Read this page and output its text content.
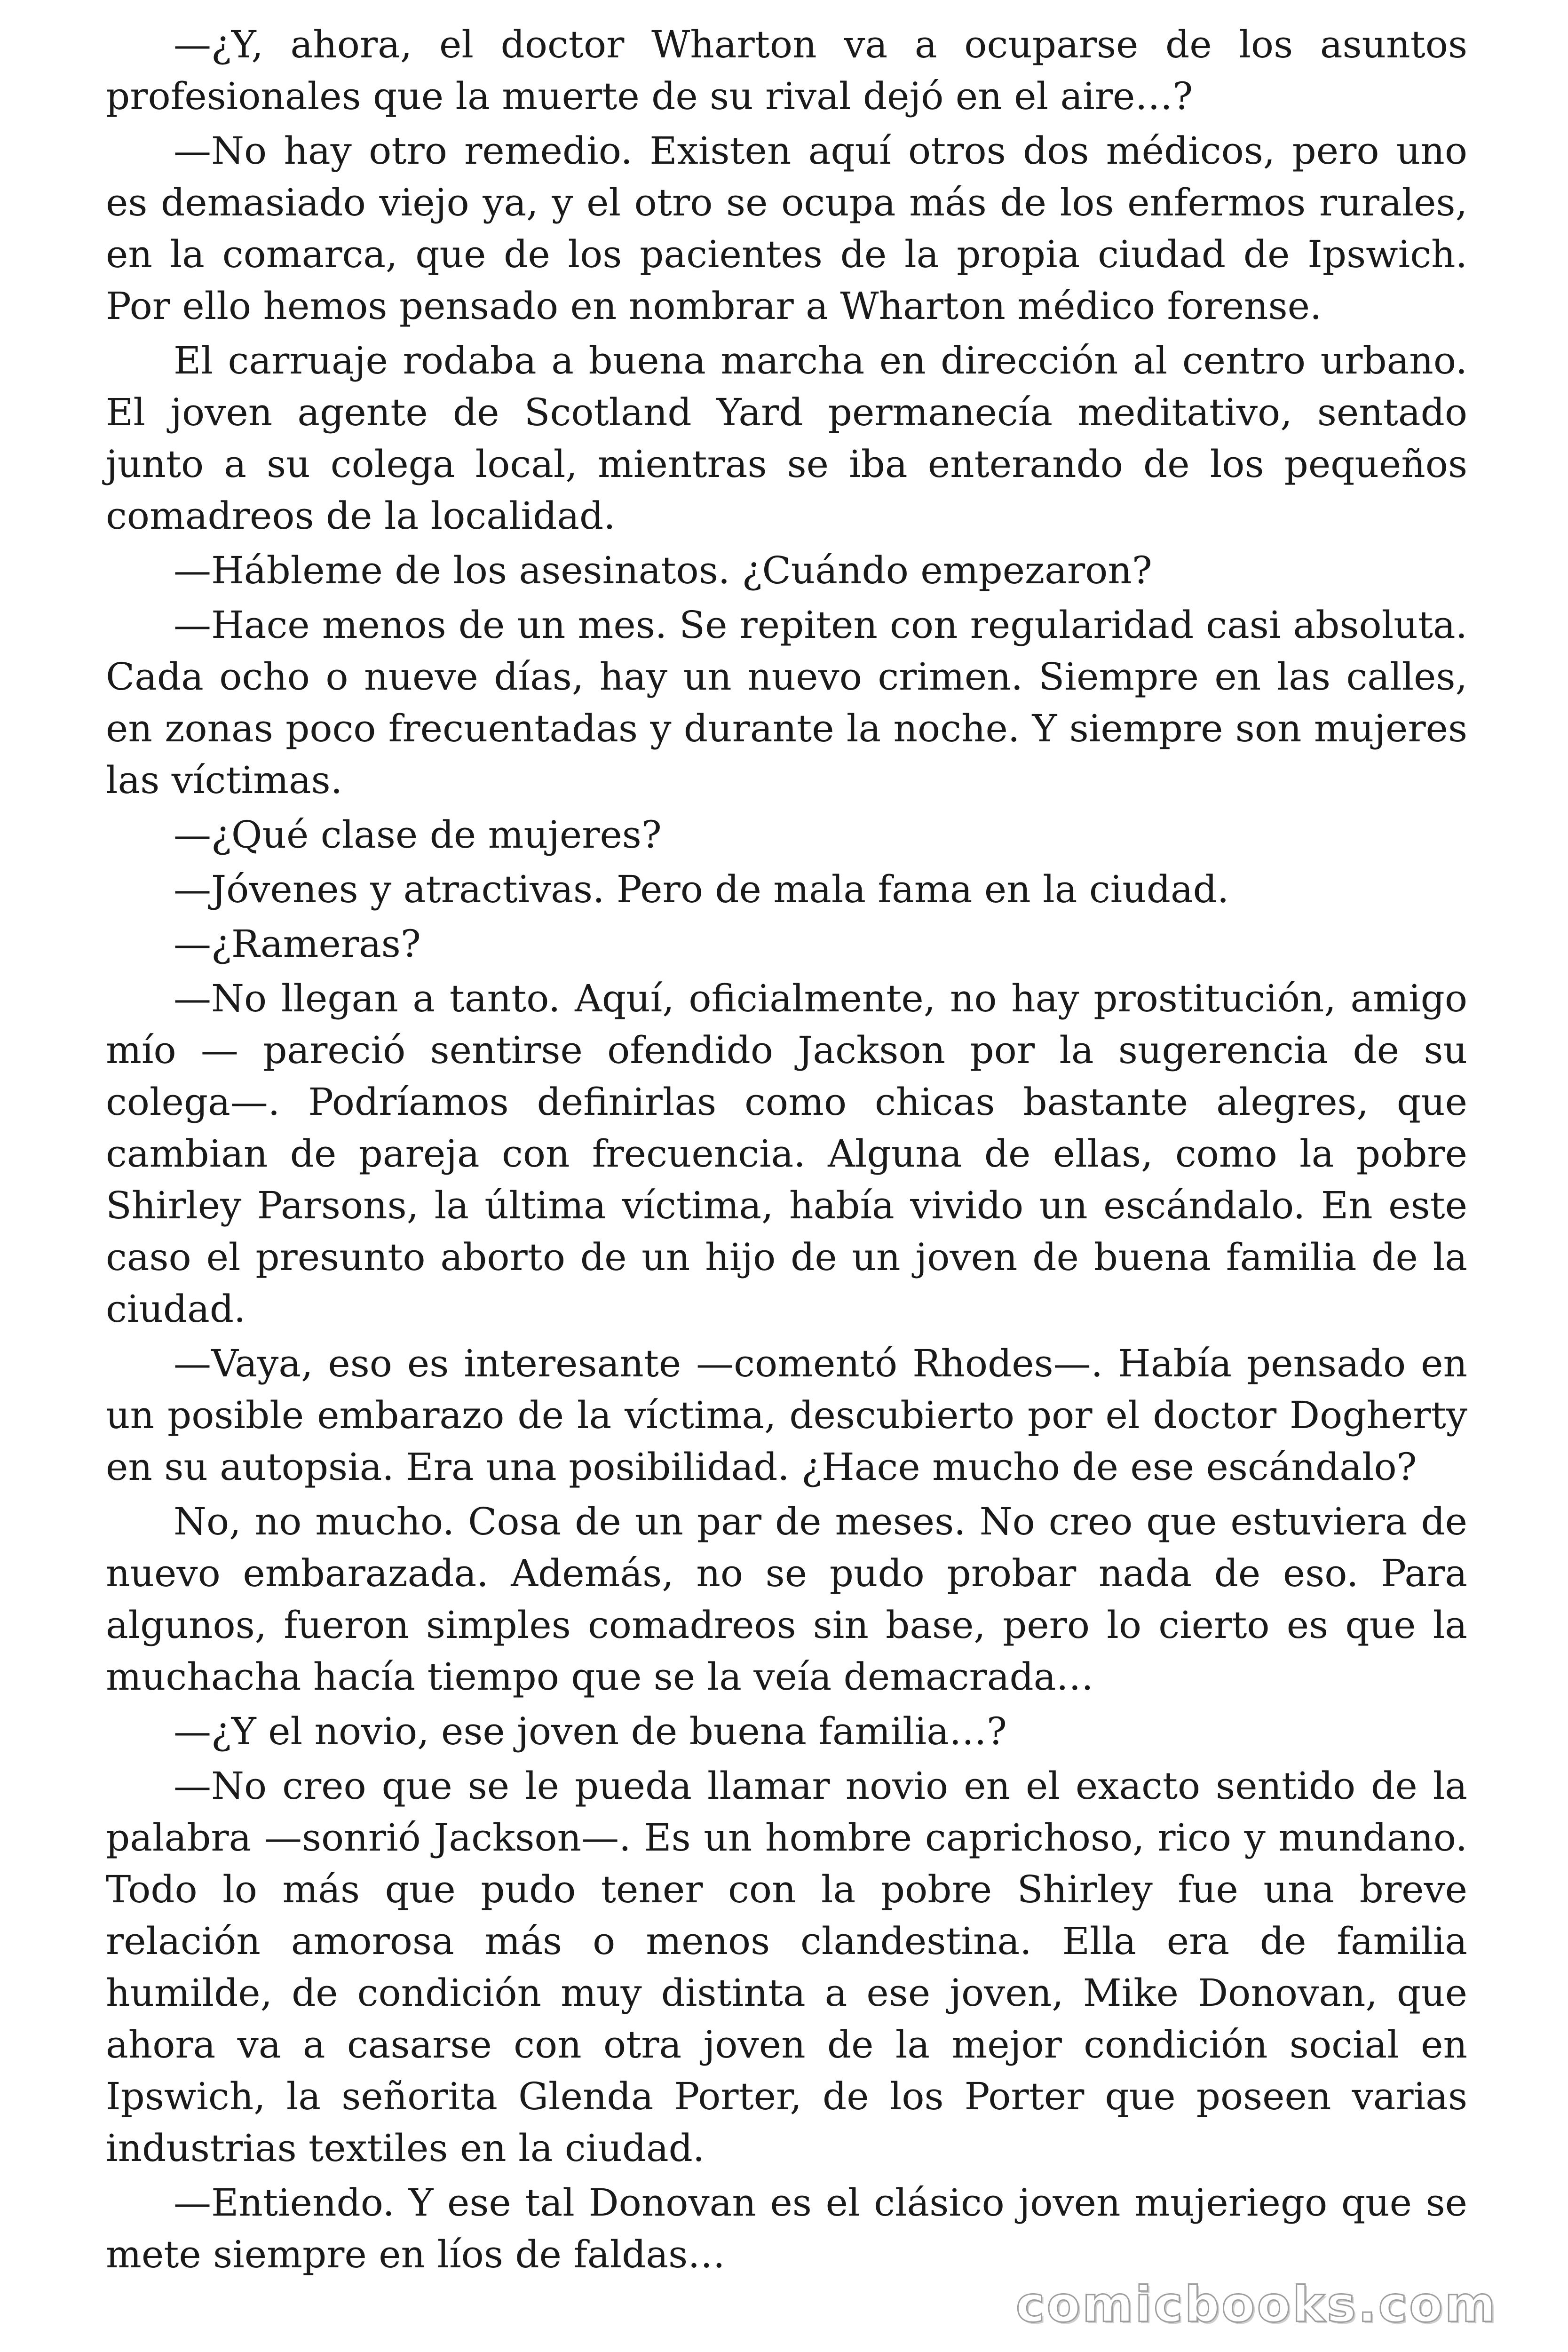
—¿Y, ahora, el doctor Wharton va a ocuparse de los asuntos profesionales que la muerte de su rival dejó en el aire…?

—No hay otro remedio. Existen aquí otros dos médicos, pero uno es demasiado viejo ya, y el otro se ocupa más de los enfermos rurales, en la comarca, que de los pacientes de la propia ciudad de Ipswich. Por ello hemos pensado en nombrar a Wharton médico forense.

El carruaje rodaba a buena marcha en dirección al centro urbano. El joven agente de Scotland Yard permanecía meditativo, sentado junto a su colega local, mientras se iba enterando de los pequeños comadreos de la localidad.

—Hábleme de los asesinatos. ¿Cuándo empezaron?

—Hace menos de un mes. Se repiten con regularidad casi absoluta. Cada ocho o nueve días, hay un nuevo crimen. Siempre en las calles, en zonas poco frecuentadas y durante la noche. Y siempre son mujeres las víctimas.

—¿Qué clase de mujeres?

—Jóvenes y atractivas. Pero de mala fama en la ciudad.

—¿Rameras?

—No llegan a tanto. Aquí, oficialmente, no hay prostitución, amigo mío — pareció sentirse ofendido Jackson por la sugerencia de su colega—. Podríamos definirlas como chicas bastante alegres, que cambian de pareja con frecuencia. Alguna de ellas, como la pobre Shirley Parsons, la última víctima, había vivido un escándalo. En este caso el presunto aborto de un hijo de un joven de buena familia de la ciudad.

—Vaya, eso es interesante —comentó Rhodes—. Había pensado en un posible embarazo de la víctima, descubierto por el doctor Dogherty en su autopsia. Era una posibilidad. ¿Hace mucho de ese escándalo?

No, no mucho. Cosa de un par de meses. No creo que estuviera de nuevo embarazada. Además, no se pudo probar nada de eso. Para algunos, fueron simples comadreos sin base, pero lo cierto es que la muchacha hacía tiempo que se la veía demacrada…

—¿Y el novio, ese joven de buena familia…?

—No creo que se le pueda llamar novio en el exacto sentido de la palabra —sonrió Jackson—. Es un hombre caprichoso, rico y mundano. Todo lo más que pudo tener con la pobre Shirley fue una breve relación amorosa más o menos clandestina. Ella era de familia humilde, de condición muy distinta a ese joven, Mike Donovan, que ahora va a casarse con otra joven de la mejor condición social en Ipswich, la señorita Glenda Porter, de los Porter que poseen varias industrias textiles en la ciudad.

—Entiendo. Y ese tal Donovan es el clásico joven mujeriego que se mete siempre en líos de faldas…

comicbooks.com
